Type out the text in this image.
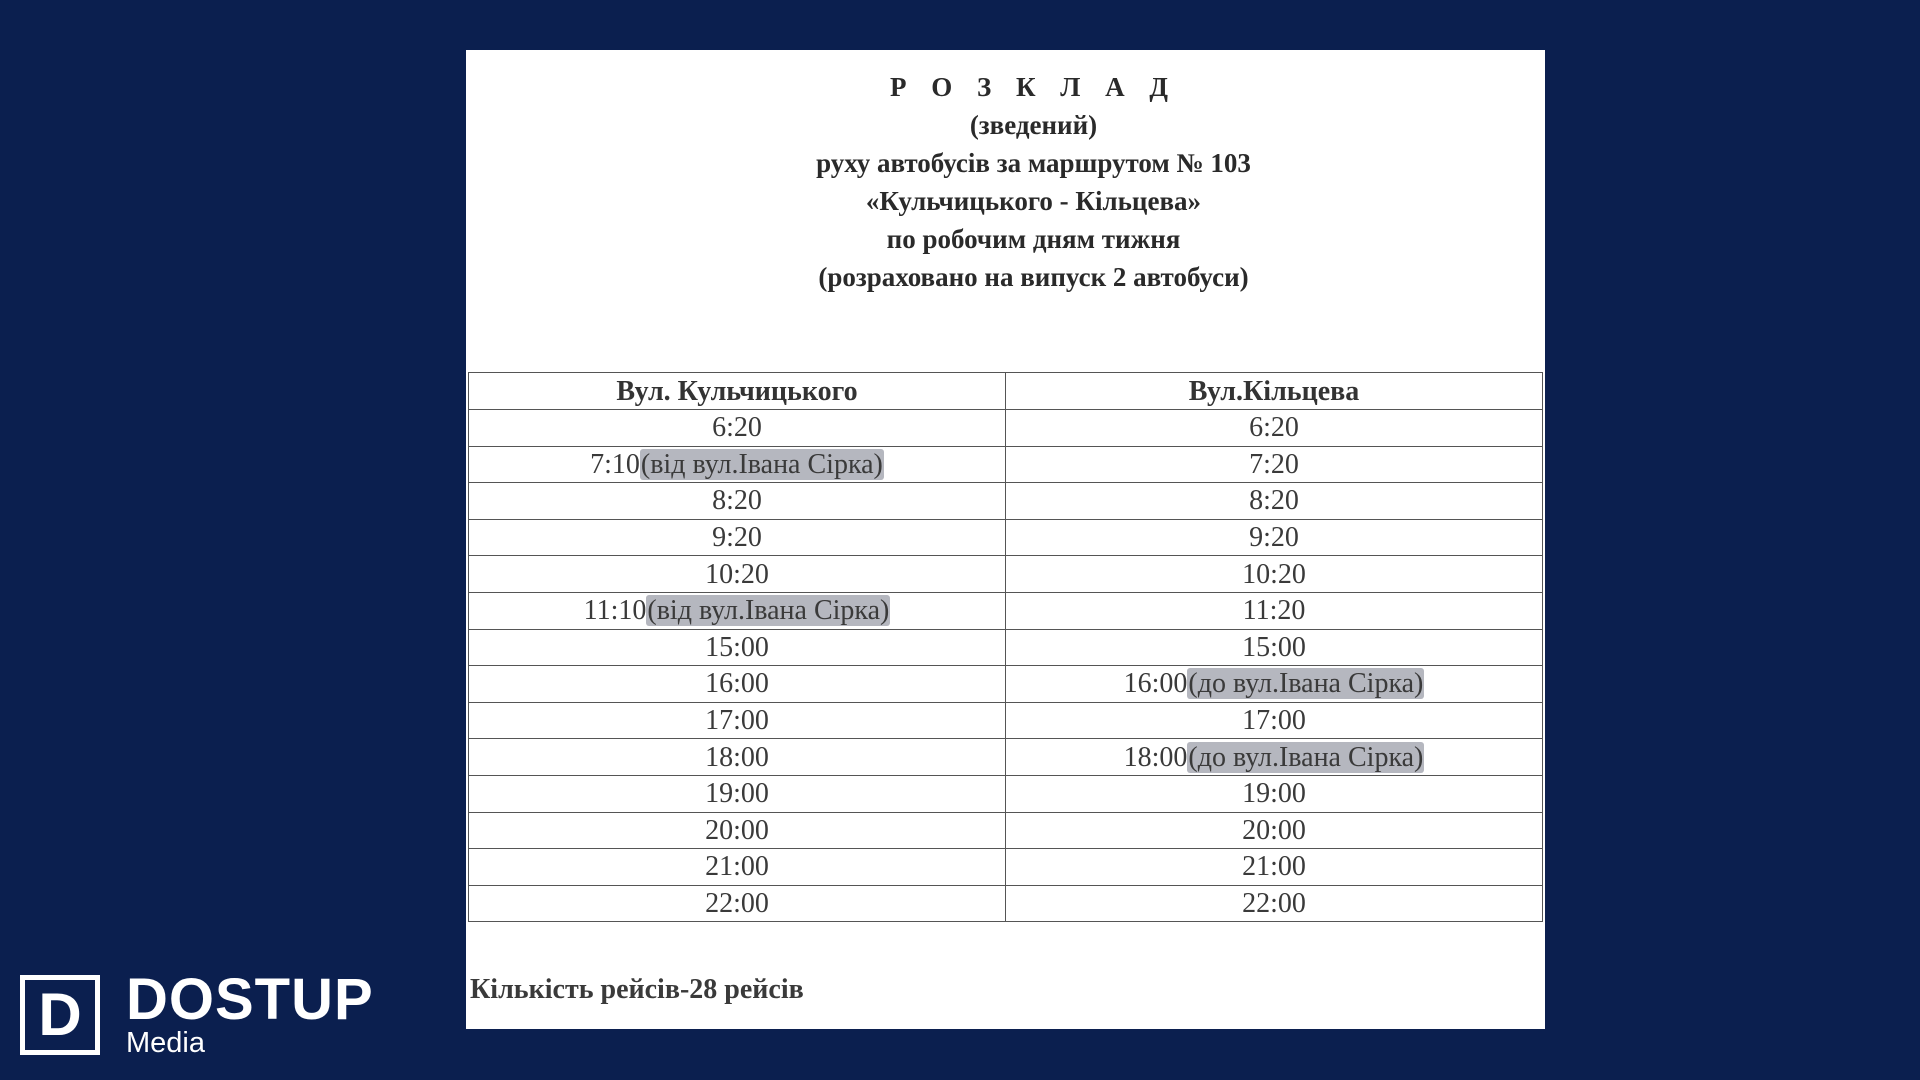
Р О З К Л А Д
(зведений)
руху автобусів за маршрутом № 103
«Кульчицького - Кільцева»
по робочим дням тижня
(розраховано на випуск 2 автобуси)
Вул. Кульчицького	Вул.Кільцева
6:20	6:20
7:10(від вул.Івана Сірка)	7:20
8:20	8:20
9:20	9:20
10:20	10:20
11:10(від вул.Івана Сірка)	11:20
15:00	15:00
16:00	16:00(до вул.Івана Сірка)
17:00	17:00
18:00	18:00(до вул.Івана Сірка)
19:00	19:00
20:00	20:00
21:00	21:00
22:00	22:00
Кількість рейсів-28 рейсів
D DOSTUP
Media
